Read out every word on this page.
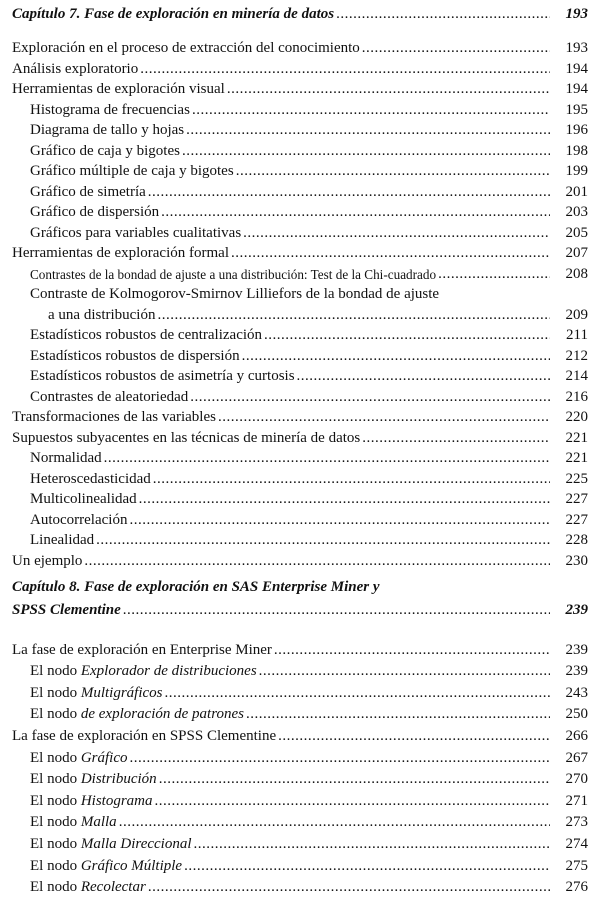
Capítulo 7. Fase de exploración en minería de datos .....	193
Exploración en el proceso de extracción del conocimiento .....	193
Análisis exploratorio .....	194
Herramientas de exploración visual .....	194
Histograma de frecuencias .....	195
Diagrama de tallo y hojas .....	196
Gráfico de caja y bigotes .....	198
Gráfico múltiple de caja y bigotes .....	199
Gráfico de simetría .....	201
Gráfico de dispersión .....	203
Gráficos para variables cualitativas .....	205
Herramientas de exploración formal .....	207
Contrastes de la bondad de ajuste a una distribución: Test de la Chi-cuadrado .....	208
Contraste de Kolmogorov-Smirnov Lilliefors de la bondad de ajuste
a una distribución .....	209
Estadísticos robustos de centralización .....	211
Estadísticos robustos de dispersión .....	212
Estadísticos robustos de asimetría y curtosis .....	214
Contrastes de aleatoriedad .....	216
Transformaciones de las variables .....	220
Supuestos subyacentes en las técnicas de minería de datos .....	221
Normalidad .....	221
Heteroscedasticidad .....	225
Multicolinealidad .....	227
Autocorrelación .....	227
Linealidad .....	228
Un ejemplo .....	230
Capítulo 8. Fase de exploración en SAS Enterprise Miner y
SPSS Clementine .....	239
La fase de exploración en Enterprise Miner .....	239
El nodo Explorador de distribuciones .....	239
El nodo Multigráficos .....	243
El nodo de exploración de patrones .....	250
La fase de exploración en SPSS Clementine .....	266
El nodo Gráfico .....	267
El nodo Distribución .....	270
El nodo Histograma .....	271
El nodo Malla .....	273
El nodo Malla Direccional .....	274
El nodo Gráfico Múltiple .....	275
El nodo Recolectar .....	276
